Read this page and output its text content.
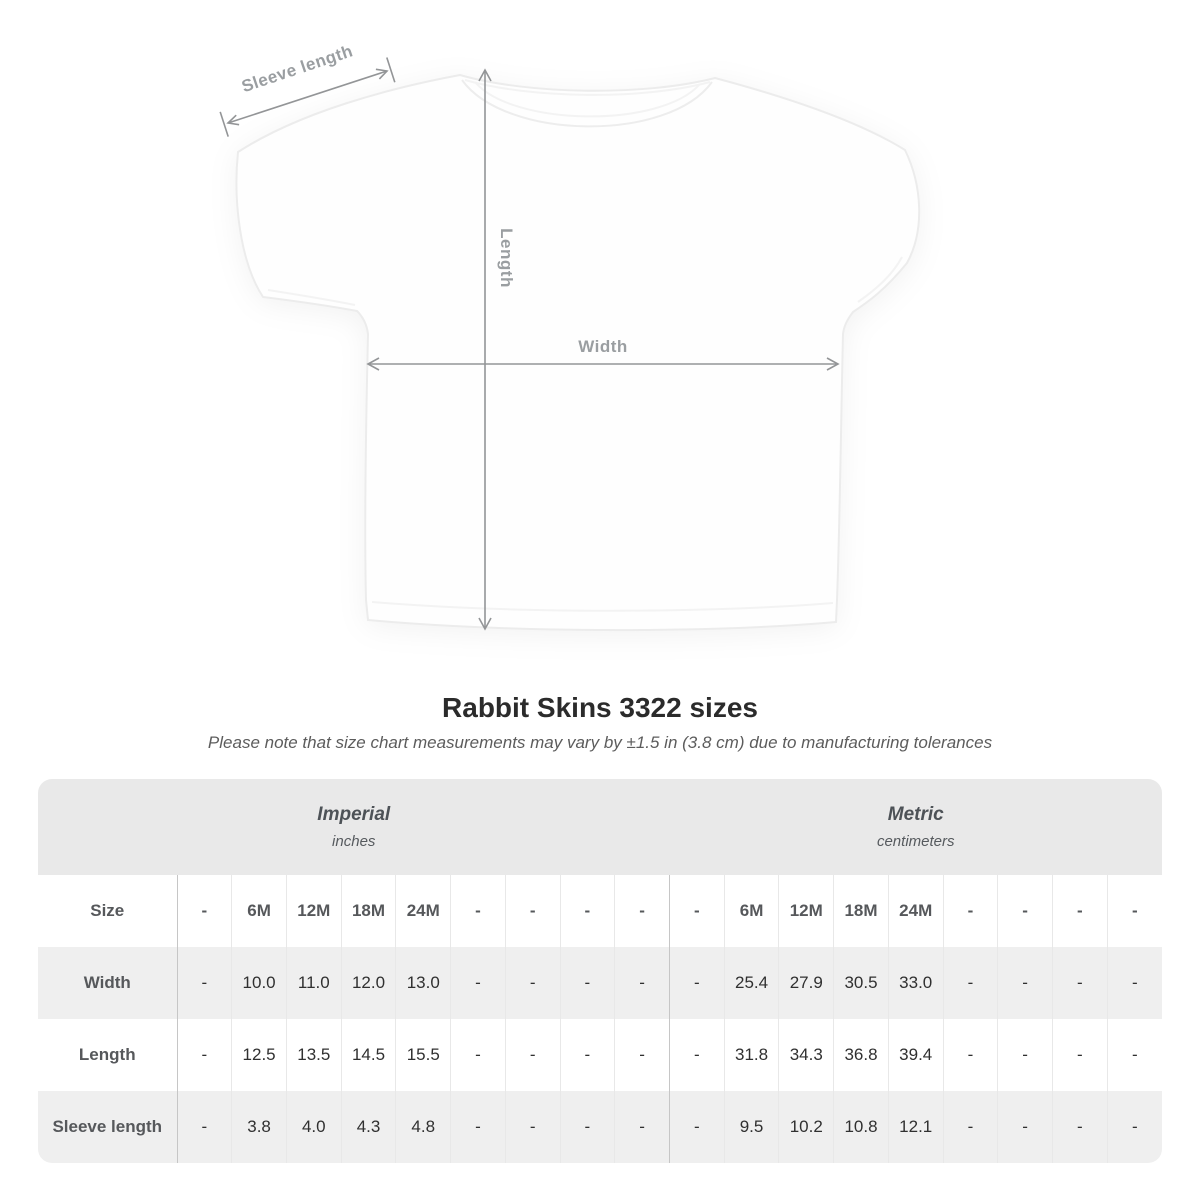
Sleeve length
Length
Width
Rabbit Skins 3322 sizes

Please note that size chart measurements may vary by ±1.5 in (3.8 cm) due to manufacturing tolerances

Imperial
inches

Metric
centimeters

Size	-	6M	12M	18M	24M	-	-	-	-	-	6M	12M	18M	24M	-	-	-	-
Width	-	10.0	11.0	12.0	13.0	-	-	-	-	-	25.4	27.9	30.5	33.0	-	-	-	-
Length	-	12.5	13.5	14.5	15.5	-	-	-	-	-	31.8	34.3	36.8	39.4	-	-	-	-
Sleeve length	-	3.8	4.0	4.3	4.8	-	-	-	-	-	9.5	10.2	10.8	12.1	-	-	-	-
